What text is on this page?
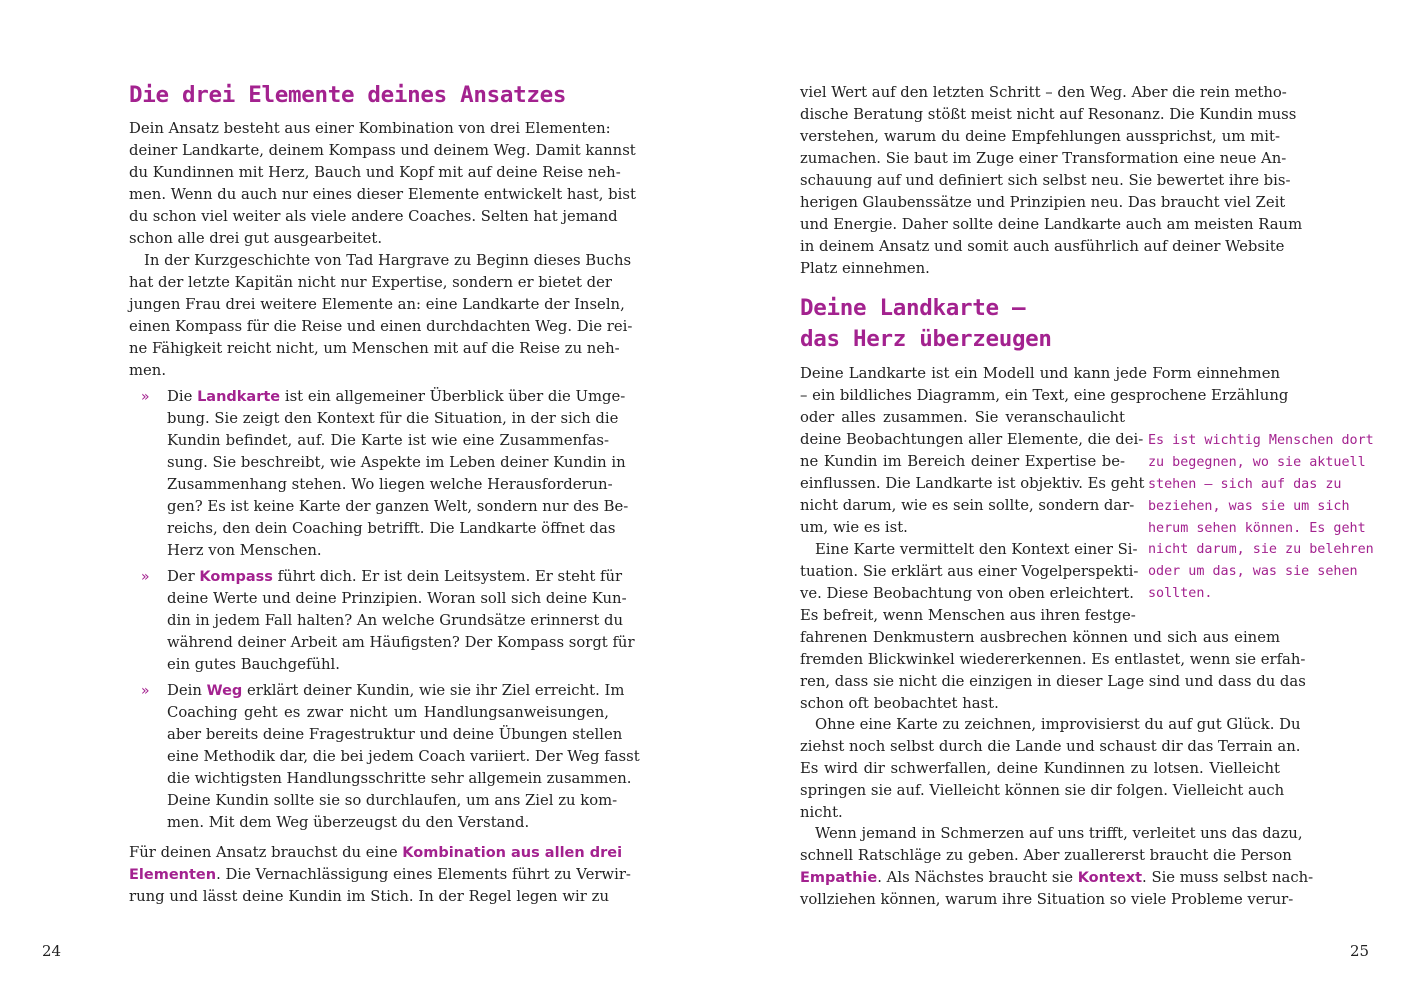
Die drei Elemente deines Ansatzes
Dein Ansatz besteht aus einer Kombination von drei Elementen:
deiner Landkarte, deinem Kompass und deinem Weg. Damit kannst
du Kundinnen mit Herz, Bauch und Kopf mit auf deine Reise neh-
men. Wenn du auch nur eines dieser Elemente entwickelt hast, bist
du schon viel weiter als viele andere Coaches. Selten hat jemand
schon alle drei gut ausgearbeitet.
In der Kurzgeschichte von Tad Hargrave zu Beginn dieses Buchs
hat der letzte Kapitän nicht nur Expertise, sondern er bietet der
jungen Frau drei weitere Elemente an: eine Landkarte der Inseln,
einen Kompass für die Reise und einen durchdachten Weg. Die rei-
ne Fähigkeit reicht nicht, um Menschen mit auf die Reise zu neh-
men.
» Die Landkarte ist ein allgemeiner Überblick über die Umge-
bung. Sie zeigt den Kontext für die Situation, in der sich die
Kundin befindet, auf. Die Karte ist wie eine Zusammenfas-
sung. Sie beschreibt, wie Aspekte im Leben deiner Kundin in
Zusammenhang stehen. Wo liegen welche Herausforderun-
gen? Es ist keine Karte der ganzen Welt, sondern nur des Be-
reichs, den dein Coaching betrifft. Die Landkarte öffnet das
Herz von Menschen.
» Der Kompass führt dich. Er ist dein Leitsystem. Er steht für
deine Werte und deine Prinzipien. Woran soll sich deine Kun-
din in jedem Fall halten? An welche Grundsätze erinnerst du
während deiner Arbeit am Häufigsten? Der Kompass sorgt für
ein gutes Bauchgefühl.
» Dein Weg erklärt deiner Kundin, wie sie ihr Ziel erreicht. Im
Coaching geht es zwar nicht um Handlungsanweisungen,
aber bereits deine Fragestruktur und deine Übungen stellen
eine Methodik dar, die bei jedem Coach variiert. Der Weg fasst
die wichtigsten Handlungsschritte sehr allgemein zusammen.
Deine Kundin sollte sie so durchlaufen, um ans Ziel zu kom-
men. Mit dem Weg überzeugst du den Verstand.
Für deinen Ansatz brauchst du eine Kombination aus allen drei
Elementen. Die Vernachlässigung eines Elements führt zu Verwir-
rung und lässt deine Kundin im Stich. In der Regel legen wir zu
24
viel Wert auf den letzten Schritt – den Weg. Aber die rein metho-
dische Beratung stößt meist nicht auf Resonanz. Die Kundin muss
verstehen, warum du deine Empfehlungen aussprichst, um mit-
zumachen. Sie baut im Zuge einer Transformation eine neue An-
schauung auf und definiert sich selbst neu. Sie bewertet ihre bis-
herigen Glaubenssätze und Prinzipien neu. Das braucht viel Zeit
und Energie. Daher sollte deine Landkarte auch am meisten Raum
in deinem Ansatz und somit auch ausführlich auf deiner Website
Platz einnehmen.
Deine Landkarte –
das Herz überzeugen
Deine Landkarte ist ein Modell und kann jede Form einnehmen
– ein bildliches Diagramm, ein Text, eine gesprochene Erzählung
oder alles zusammen. Sie veranschaulicht
deine Beobachtungen aller Elemente, die dei-
ne Kundin im Bereich deiner Expertise be-
einflussen. Die Landkarte ist objektiv. Es geht
nicht darum, wie es sein sollte, sondern dar-
um, wie es ist.
Eine Karte vermittelt den Kontext einer Si-
tuation. Sie erklärt aus einer Vogelperspekti-
ve. Diese Beobachtung von oben erleichtert.
Es befreit, wenn Menschen aus ihren festge-
fahrenen Denkmustern ausbrechen können und sich aus einem
fremden Blickwinkel wiedererkennen. Es entlastet, wenn sie erfah-
ren, dass sie nicht die einzigen in dieser Lage sind und dass du das
schon oft beobachtet hast.
Ohne eine Karte zu zeichnen, improvisierst du auf gut Glück. Du
ziehst noch selbst durch die Lande und schaust dir das Terrain an.
Es wird dir schwerfallen, deine Kundinnen zu lotsen. Vielleicht
springen sie auf. Vielleicht können sie dir folgen. Vielleicht auch
nicht.
Wenn jemand in Schmerzen auf uns trifft, verleitet uns das dazu,
schnell Ratschläge zu geben. Aber zuallererst braucht die Person
Empathie. Als Nächstes braucht sie Kontext. Sie muss selbst nach-
vollziehen können, warum ihre Situation so viele Probleme verur-
Es ist wichtig Menschen dort
zu begegnen, wo sie aktuell
stehen – sich auf das zu
beziehen, was sie um sich
herum sehen können. Es geht
nicht darum, sie zu belehren
oder um das, was sie sehen
sollten.
25
